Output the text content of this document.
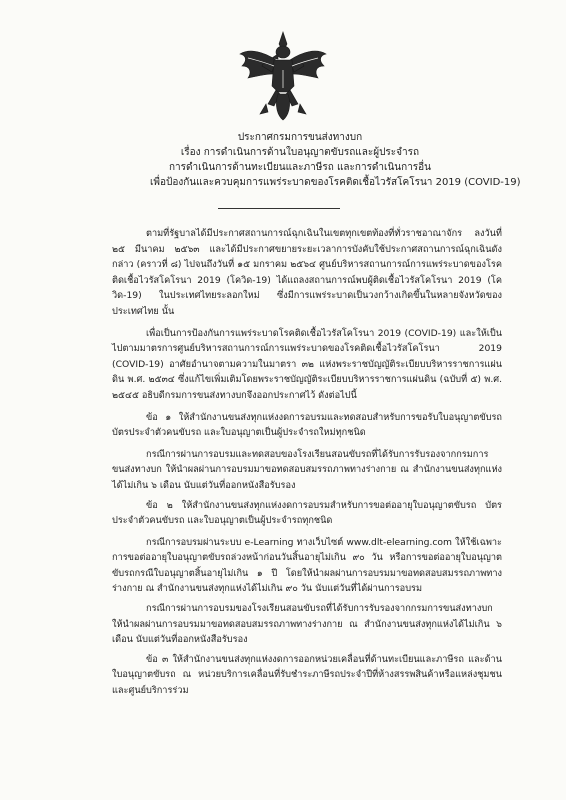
ประกาศกรมการขนส่งทางบก
เรื่อง การดำเนินการด้านใบอนุญาตขับรถและผู้ประจำรถ
การดำเนินการด้านทะเบียนและภาษีรถ และการดำเนินการอื่น
เพื่อป้องกันและควบคุมการแพร่ระบาดของโรคติดเชื้อไวรัสโคโรนา 2019 (COVID-19)

ตามที่รัฐบาลได้มีประกาศสถานการณ์ฉุกเฉินในเขตทุกเขตท้องที่ทั่วราชอาณาจักร ลงวันที่ ๒๕ มีนาคม ๒๕๖๓ และได้มีประกาศขยายระยะเวลาการบังคับใช้ประกาศสถานการณ์ฉุกเฉินดังกล่าว (คราวที่ ๘) ไปจนถึงวันที่ ๑๕ มกราคม ๒๕๖๔ ศูนย์บริหารสถานการณ์การแพร่ระบาดของโรคติดเชื้อไวรัสโคโรนา 2019 (โควิด-19) ได้แถลงสถานการณ์พบผู้ติดเชื้อไวรัสโคโรนา 2019 (โควิด-19) ในประเทศไทยระลอกใหม่ ซึ่งมีการแพร่ระบาดเป็นวงกว้างเกิดขึ้นในหลายจังหวัดของประเทศไทย นั้น

เพื่อเป็นการป้องกันการแพร่ระบาดโรคติดเชื้อไวรัสโคโรนา 2019 (COVID-19) และให้เป็นไปตามมาตรการศูนย์บริหารสถานการณ์การแพร่ระบาดของโรคติดเชื้อไวรัสโคโรนา 2019 (COVID-19) อาศัยอำนาจตามความในมาตรา ๓๒ แห่งพระราชบัญญัติระเบียบบริหารราชการแผ่นดิน พ.ศ. ๒๕๓๔ ซึ่งแก้ไขเพิ่มเติมโดยพระราชบัญญัติระเบียบบริหารราชการแผ่นดิน (ฉบับที่ ๕) พ.ศ. ๒๕๔๕ อธิบดีกรมการขนส่งทางบกจึงออกประกาศไว้ ดังต่อไปนี้

ข้อ ๑ ให้สำนักงานขนส่งทุกแห่งงดการอบรมและทดสอบสำหรับการขอรับใบอนุญาตขับรถ บัตรประจำตัวคนขับรถ และใบอนุญาตเป็นผู้ประจำรถใหม่ทุกชนิด

กรณีการผ่านการอบรมและทดสอบของโรงเรียนสอนขับรถที่ได้รับการรับรองจากกรมการขนส่งทางบก ให้นำผลผ่านการอบรมมาขอทดสอบสมรรถภาพทางร่างกาย ณ สำนักงานขนส่งทุกแห่งได้ไม่เกิน ๖ เดือน นับแต่วันที่ออกหนังสือรับรอง

ข้อ ๒ ให้สำนักงานขนส่งทุกแห่งงดการอบรมสำหรับการขอต่ออายุใบอนุญาตขับรถ บัตรประจำตัวคนขับรถ และใบอนุญาตเป็นผู้ประจำรถทุกชนิด

กรณีการอบรมผ่านระบบ e-Learning ทางเว็บไซต์ www.dlt-elearning.com ให้ใช้เฉพาะการขอต่ออายุใบอนุญาตขับรถล่วงหน้าก่อนวันสิ้นอายุไม่เกิน ๙๐ วัน หรือการขอต่ออายุใบอนุญาตขับรถกรณีใบอนุญาตสิ้นอายุไม่เกิน ๑ ปี โดยให้นำผลผ่านการอบรมมาขอทดสอบสมรรถภาพทางร่างกาย ณ สำนักงานขนส่งทุกแห่งได้ไม่เกิน ๙๐ วัน นับแต่วันที่ได้ผ่านการอบรม

กรณีการผ่านการอบรมของโรงเรียนสอนขับรถที่ได้รับการรับรองจากกรมการขนส่งทางบก ให้นำผลผ่านการอบรมมาขอทดสอบสมรรถภาพทางร่างกาย ณ สำนักงานขนส่งทุกแห่งได้ไม่เกิน ๖ เดือน นับแต่วันที่ออกหนังสือรับรอง

ข้อ ๓ ให้สำนักงานขนส่งทุกแห่งงดการออกหน่วยเคลื่อนที่ด้านทะเบียนและภาษีรถ และด้านใบอนุญาตขับรถ ณ หน่วยบริการเคลื่อนที่รับชำระภาษีรถประจำปีที่ห้างสรรพสินค้าหรือแหล่งชุมชนและศูนย์บริการร่วม
